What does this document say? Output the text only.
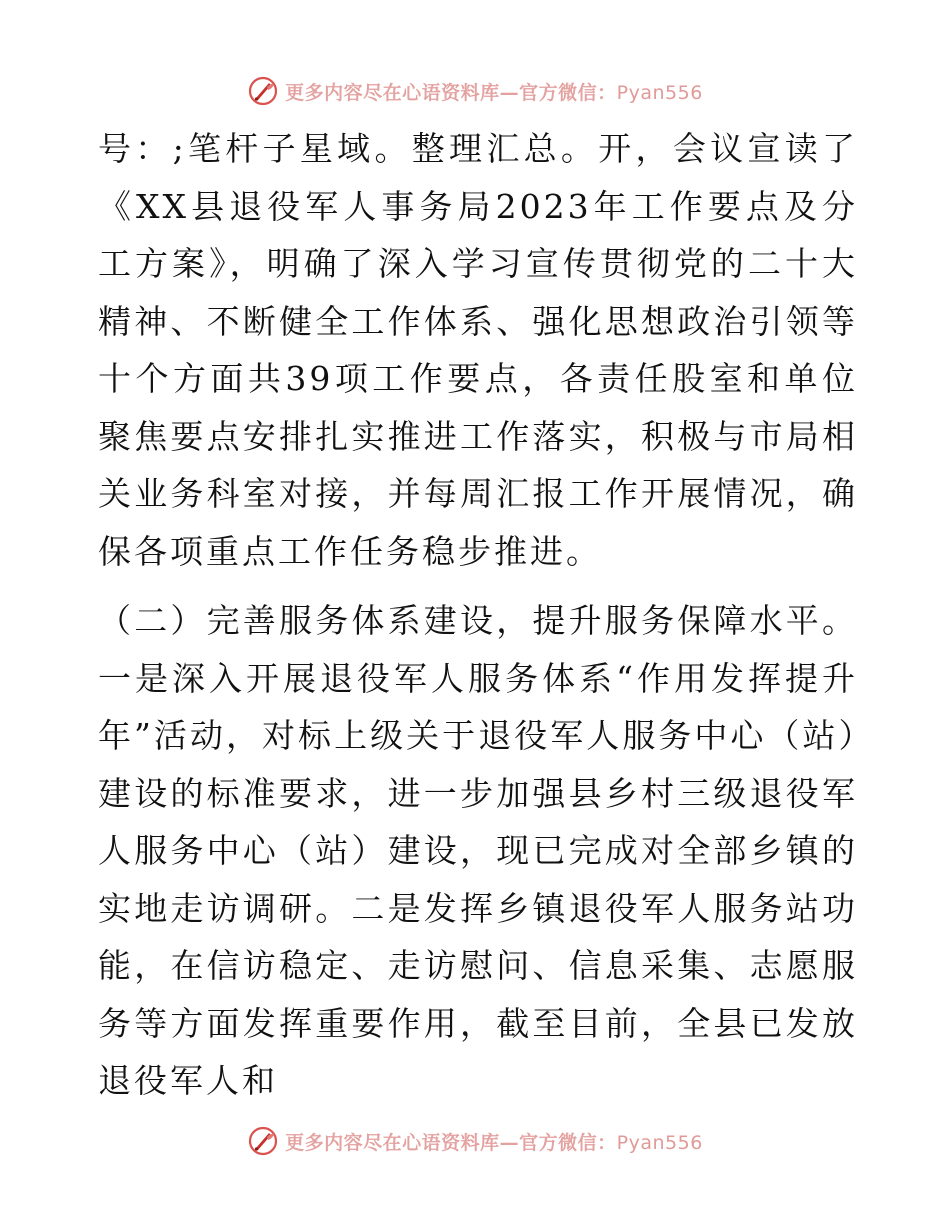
更多内容尽在心语资料库—官方微信：Pyan556

号：;笔杆子星域。整理汇总。开，会议宣读了《XX县退役军人事务局2023年工作要点及分工方案》，明确了深入学习宣传贯彻党的二十大精神、不断健全工作体系、强化思想政治引领等十个方面共39项工作要点，各责任股室和单位聚焦要点安排扎实推进工作落实，积极与市局相关业务科室对接，并每周汇报工作开展情况，确保各项重点工作任务稳步推进。

（二）完善服务体系建设，提升服务保障水平。一是深入开展退役军人服务体系“作用发挥提升年”活动，对标上级关于退役军人服务中心（站）建设的标准要求，进一步加强县乡村三级退役军人服务中心（站）建设，现已完成对全部乡镇的实地走访调研。二是发挥乡镇退役军人服务站功能，在信访稳定、走访慰问、信息采集、志愿服务等方面发挥重要作用，截至目前，全县已发放退役军人和

更多内容尽在心语资料库—官方微信：Pyan556
